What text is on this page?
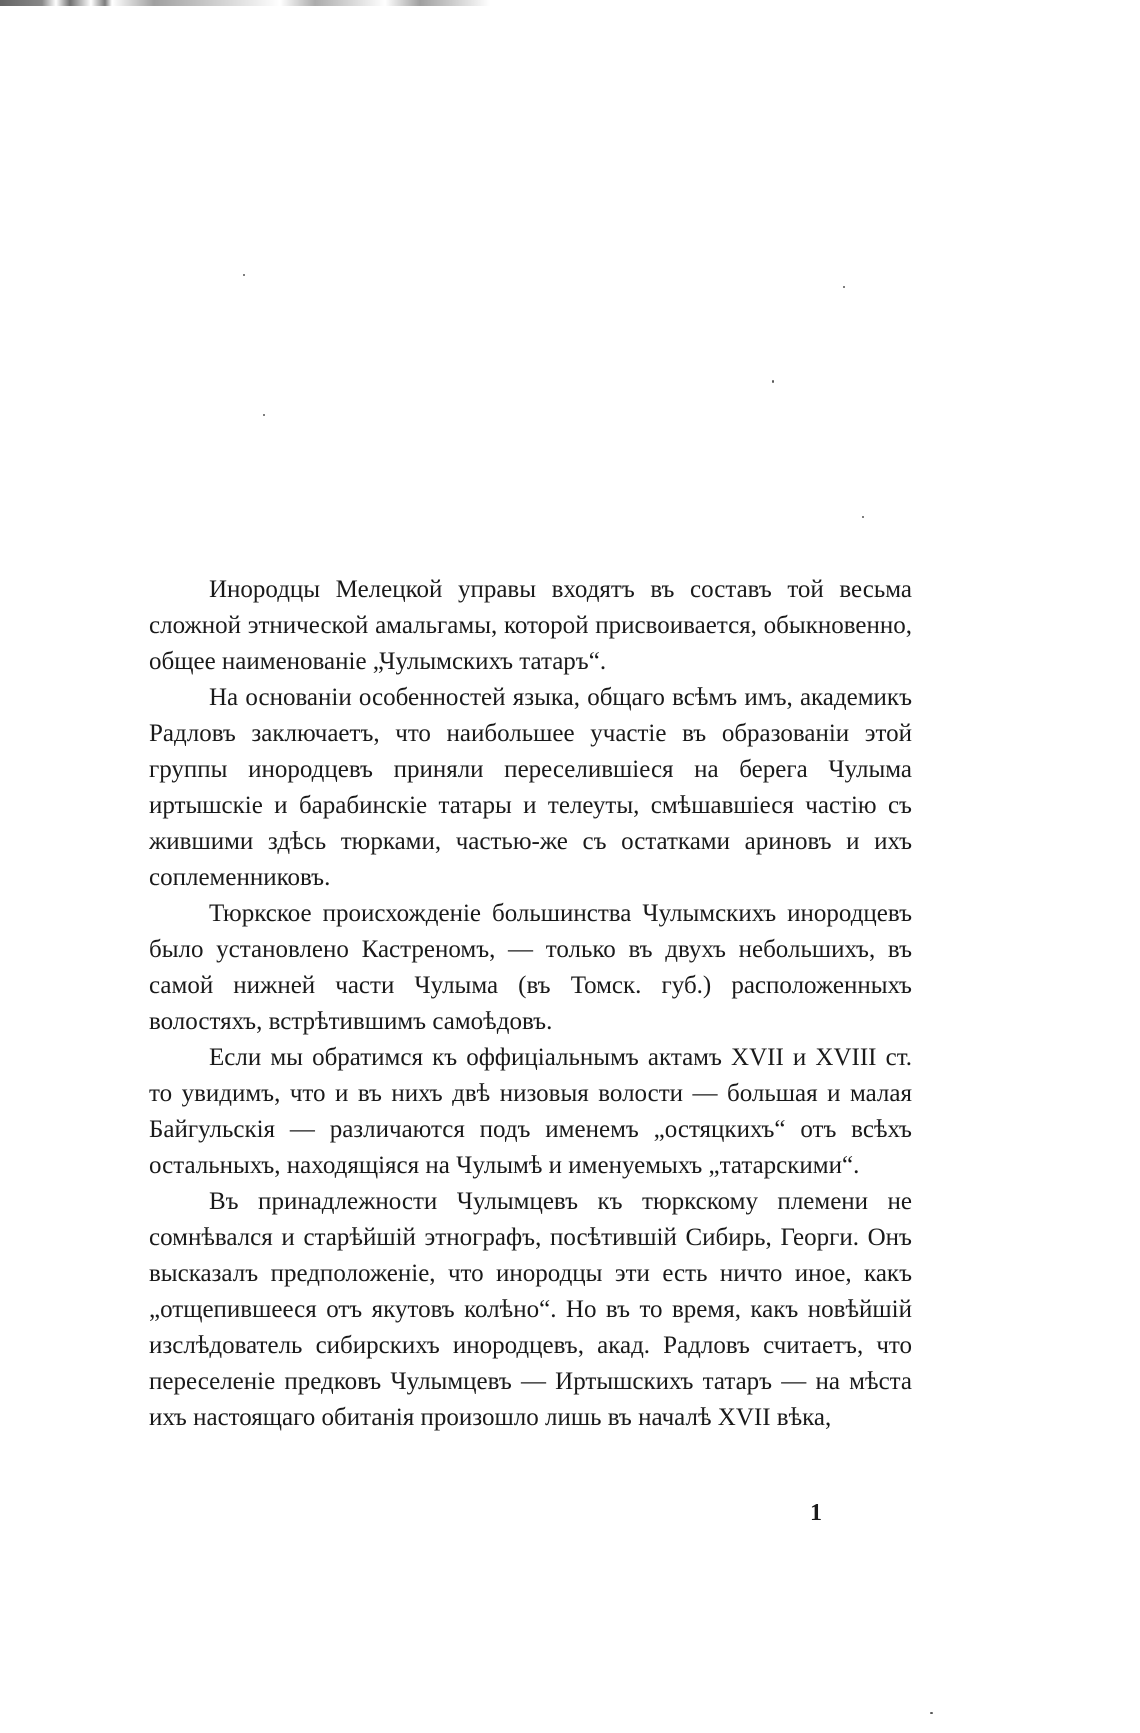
Инородцы Мелецкой управы входятъ въ составъ той весьма сложной этнической амальгамы, которой присвоивается, обыкновенно, общее наименованіе „Чулымскихъ татаръ“.

На основаніи особенностей языка, общаго всѣмъ имъ, академикъ Радловъ заключаетъ, что наибольшее участіе въ образованіи этой группы инородцевъ приняли переселившіеся на берега Чулыма иртышскіе и барабинскіе татары и телеуты, смѣшавшіеся частію съ жившими здѣсь тюрками, частью-же съ остатками ариновъ и ихъ соплеменниковъ.

Тюркское происхожденіе большинства Чулымскихъ инородцевъ было установлено Кастреномъ, — только въ двухъ небольшихъ, въ самой нижней части Чулыма (въ Томск. губ.) расположенныхъ волостяхъ, встрѣтившимъ самоѣдовъ.

Если мы обратимся къ оффиціальнымъ актамъ XVII и XVIII ст. то увидимъ, что и въ нихъ двѣ низовыя волости — большая и малая Байгульскія — различаются подъ именемъ „остяцкихъ“ отъ всѣхъ остальныхъ, находящіяся на Чулымѣ и именуемыхъ „татарскими“.

Въ принадлежности Чулымцевъ къ тюркскому племени не сомнѣвался и старѣйшій этнографъ, посѣтившій Сибирь, Георги. Онъ высказалъ предположеніе, что инородцы эти есть ничто иное, какъ „отщепившееся отъ якутовъ колѣно“. Но въ то время, какъ новѣйшій изслѣдователь сибирскихъ инородцевъ, акад. Радловъ считаетъ, что переселеніе предковъ Чулымцевъ — Иртышскихъ татаръ — на мѣста ихъ настоящаго обитанія произошло лишь въ началѣ XVII вѣка,

1
